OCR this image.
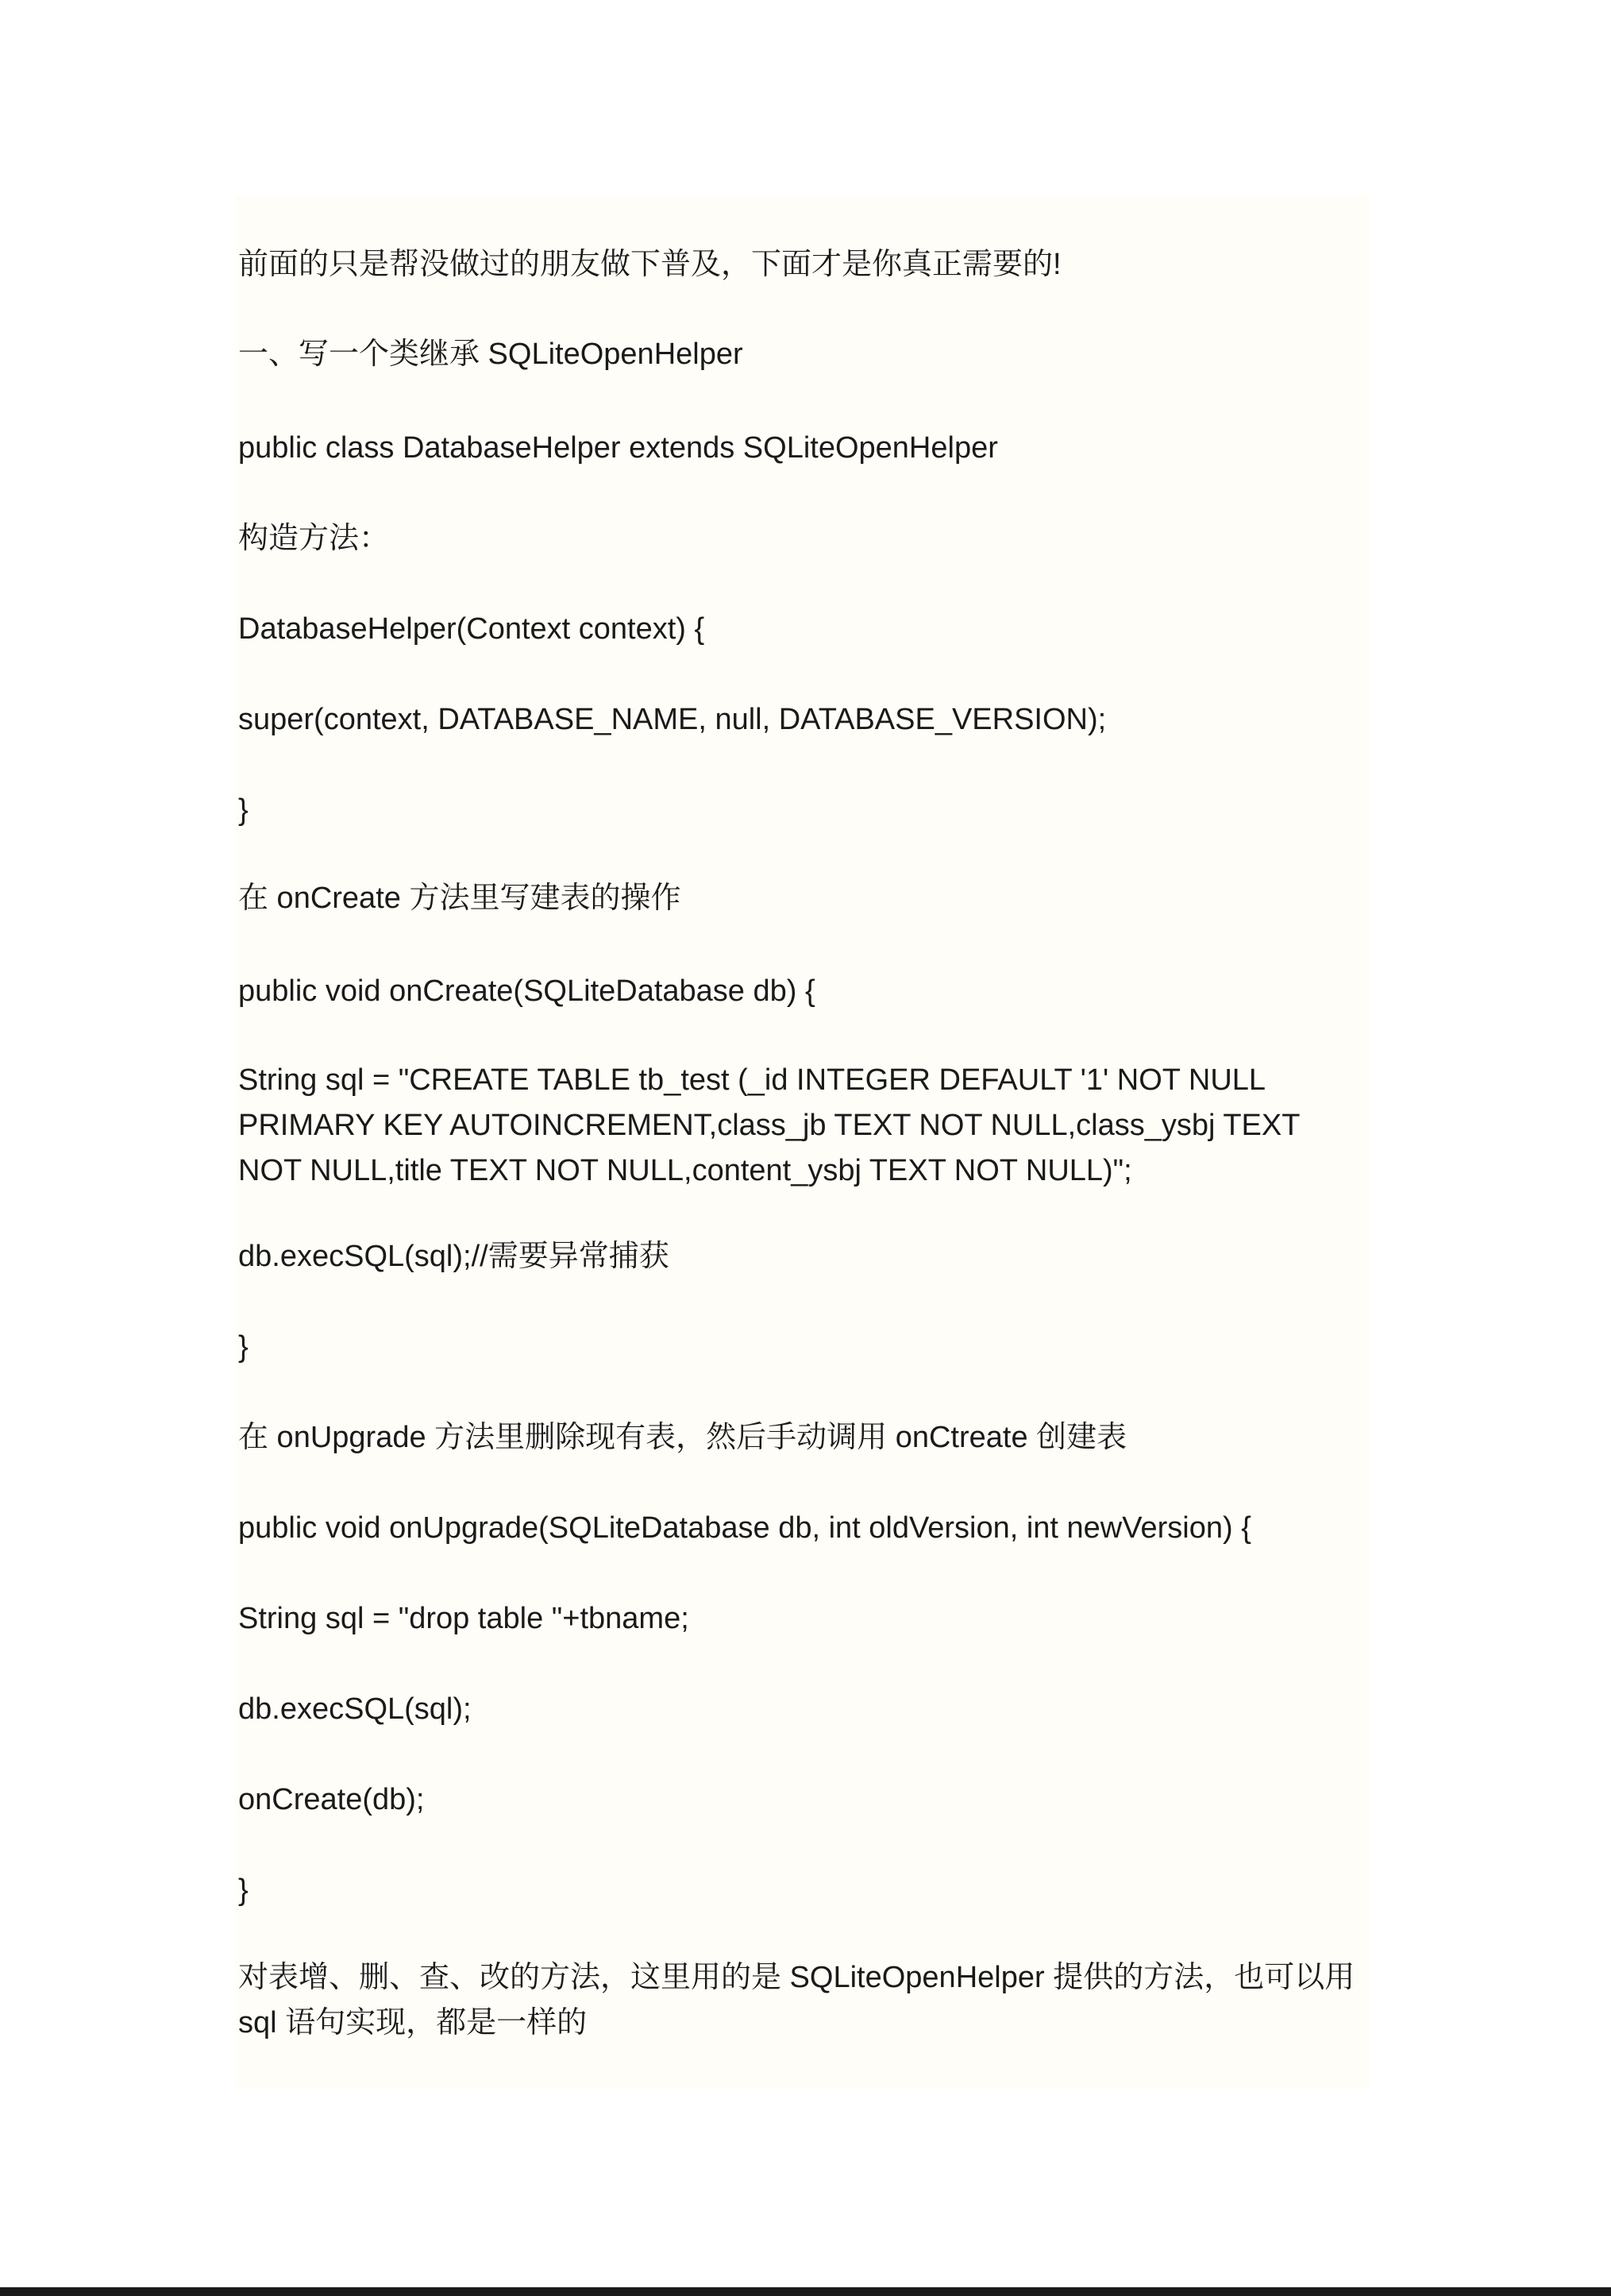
前面的只是帮没做过的朋友做下普及，下面才是你真正需要的!

一、写一个类继承 SQLiteOpenHelper

public class DatabaseHelper extends SQLiteOpenHelper

构造方法：

DatabaseHelper(Context context) {

super(context, DATABASE_NAME, null, DATABASE_VERSION);

}

在 onCreate 方法里写建表的操作

public void onCreate(SQLiteDatabase db) {

String sql = "CREATE TABLE tb_test (_id INTEGER DEFAULT '1' NOT NULL PRIMARY KEY AUTOINCREMENT,class_jb TEXT NOT NULL,class_ysbj TEXT NOT NULL,title TEXT NOT NULL,content_ysbj TEXT NOT NULL)";

db.execSQL(sql);//需要异常捕获

}

在 onUpgrade 方法里删除现有表，然后手动调用 onCtreate 创建表

public void onUpgrade(SQLiteDatabase db, int oldVersion, int newVersion) {

String sql = "drop table "+tbname;

db.execSQL(sql);

onCreate(db);

}

对表增、删、查、改的方法，这里用的是 SQLiteOpenHelper 提供的方法，也可以用 sql 语句实现，都是一样的
